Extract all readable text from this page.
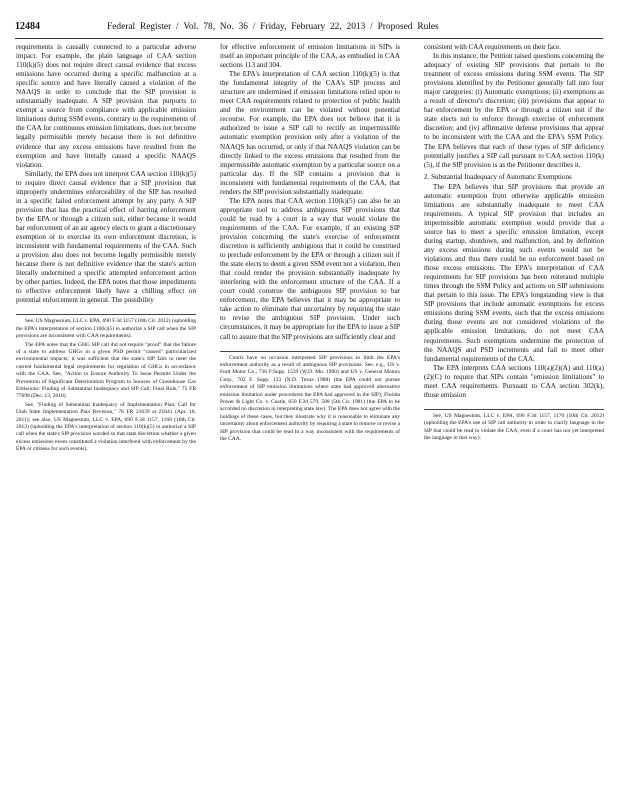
12484	Federal Register / Vol. 78, No. 36 / Friday, February 22, 2013 / Proposed Rules

requirements is causally connected to a particular adverse impact. For example, the plain language of CAA section 110(k)(5) does not require direct causal evidence that excess emissions have occurred during a specific malfunction at a specific source and have literally caused a violation of the NAAQS in order to conclude that the SIP provision is substantially inadequate. A SIP provision that purports to exempt a source from compliance with applicable emission limitations during SSM events, contrary to the requirements of the CAA for continuous emission limitations, does not become legally permissible merely because there is not definitive evidence that any excess emissions have resulted from the exemption and have literally caused a specific NAAQS violation.

Similarly, the EPA does not interpret CAA section 110(k)(5) to require direct causal evidence that a SIP provision that improperly undermines enforceability of the SIP has resulted in a specific failed enforcement attempt by any party. A SIP provision that has the practical effect of barring enforcement by the EPA or through a citizen suit, either because it would bar enforcement of an air agency elects to grant a discretionary exemption or to exercise its own enforcement discretion, is inconsistent with fundamental requirements of the CAA. Such a provision also does not become legally permissible merely because there is not definitive evidence that the state's action literally undermined a specific attempted enforcement action by other parties. Indeed, the EPA notes that those impediments to effective enforcement likely have a chilling effect on potential enforcement in general. The possibility

See, US Magnesium, LLC v. EPA, 690 F.3d 1157 (10th Cir. 2012) (upholding the EPA's interpretation of section 110(k)(5) to authorize a SIP call when the SIP provisions are inconsistent with CAA requirements).

The EPA notes that the GHG SIP call did not require "proof" that the failure of a state to address GHGs in a given PSD permit "caused" particularized environmental impacts; it was sufficient that the state's SIP fails to meet the current fundamental legal requirements for regulation of GHGs in accordance with the CAA. See, "Action to Ensure Authority To Issue Permits Under the Prevention of Significant Deterioration Program to Sources of Greenhouse Gas Emissions: Finding of Substantial Inadequacy and SIP Call; Final Rule," 75 FR 77698 (Dec. 13, 2010).

See, "Finding of Substantial Inadequacy of Implementation Plan; Call for Utah State Implementation Plan Revision," 76 FR 21639 at 21641 (Apr. 18, 2011); see also, US Magnesium, LLC v. EPA, 690 F.3d 1157, 1168 (10th Cir. 2012) (upholding the EPA's interpretation of section 110(k)(5) to authorize a SIP call when the state's SIP provision worded so that state discretion whether a given excess emissions event constituted a violation interfered with enforcement by the EPA or citizens for such events).

for effective enforcement of emission limitations in SIPs is itself an important principle of the CAA, as embodied in CAA sections 113 and 304.

The EPA's interpretation of CAA section 110(k)(5) is that the fundamental integrity of the CAA's SIP process and structure are undermined if emission limitations relied upon to meet CAA requirements related to protection of public health and the environment can be violated without potential recourse. For example, the EPA does not believe that it is authorized to issue a SIP call to rectify an impermissible automatic exemption provision only after a violation of the NAAQS has occurred, or only if that NAAQS violation can be directly linked to the excess emissions that resulted from the impermissible automatic exemption by a particular source on a particular day. If the SIP contains a provision that is inconsistent with fundamental requirements of the CAA, that renders the SIP provision substantially inadequate.

The EPA notes that CAA section 110(k)(5) can also be an appropriate tool to address ambiguous SIP provisions that could be read by a court in a way that would violate the requirements of the CAA. For example, if an existing SIP provision concerning the state's exercise of enforcement discretion is sufficiently ambiguous that it could be construed to preclude enforcement by the EPA or through a citizen suit if the state elects to deem a given SSM event not a violation, then that could render the provision substantially inadequate by interfering with the enforcement structure of the CAA. If a court could construe the ambiguous SIP provision to bar enforcement, the EPA believes that it may be appropriate to take action to eliminate that uncertainty by requiring the state to revise the ambiguous SIP provision. Under such circumstances, it may be appropriate for the EPA to issue a SIP call to assure that the SIP provisions are sufficiently clear and

Courts have on occasion interpreted SIP provisions to limit the EPA's enforcement authority as a result of ambiguous SIP provisions. See, e.g., US v. Ford Motor Co., 736 F.Supp. 1539 (W.D. Mo. 1990) and US v. General Motors Corp., 702 F. Supp. 133 (N.D. Texas 1988) (the EPA could not pursue enforcement of SIP emission limitations where state had approved alternative emission limitation under procedures the EPA had approved in the SIP); Florida Power & Light Co. v. Costle, 650 F.2d 579, 588 (5th Cir. 1981) (the EPA to be accorded no discretion in interpreting state law). The EPA does not agree with the holdings of these cases, but they illustrate why it is reasonable to eliminate any uncertainty about enforcement authority by requiring a state to remove or revise a SIP provision that could be read in a way inconsistent with the requirements of the CAA.

consistent with CAA requirements on their face.

In this instance, the Petition raised questions concerning the adequacy of existing SIP provisions that pertain to the treatment of excess emissions during SSM events. The SIP provisions identified by the Petitioner generally fall into four major categories: (i) Automatic exemptions; (ii) exemptions as a result of director's discretion; (iii) provisions that appear to bar enforcement by the EPA or through a citizen suit if the state elects not to enforce through exercise of enforcement discretion; and (iv) affirmative defense provisions that appear to be inconsistent with the CAA and the EPA's SSM Policy. The EPA believes that each of these types of SIP deficiency potentially justifies a SIP call pursuant to CAA section 110(k)(5), if the SIP provision is as the Petitioner describes it.

2. Substantial Inadequacy of Automatic Exemptions

The EPA believes that SIP provisions that provide an automatic exemption from otherwise applicable emission limitations are substantially inadequate to meet CAA requirements. A typical SIP provision that includes an impermissible automatic exemption would provide that a source has to meet a specific emission limitation, except during startup, shutdown, and malfunction, and by definition any excess emissions during such events would not be violations and thus there could be no enforcement based on those excess emissions. The EPA's interpretation of CAA requirements for SIP provisions has been reiterated multiple times through the SSM Policy and actions on SIP submissions that pertain to this issue. The EPA's longstanding view is that SIP provisions that include automatic exemptions for excess emissions during SSM events, such that the excess emissions during those events are not considered violations of the applicable emission limitations, do not meet CAA requirements. Such exemptions undermine the protection of the NAAQS and PSD increments and fail to meet other fundamental requirements of the CAA.

The EPA interprets CAA sections 110(a)(2)(A) and 110(a)(2)(C) to require that SIPs contain "emission limitations" to meet CAA requirements. Pursuant to CAA section 302(k), those emission

See, US Magnesium, LLC v. EPA, 690 F.3d 1157, 1170 (10th Cir. 2012) (upholding the EPA's use of SIP call authority in order to clarify language in the SIP that could be read to violate the CAA, even if a court has not yet interpreted the language in that way).
